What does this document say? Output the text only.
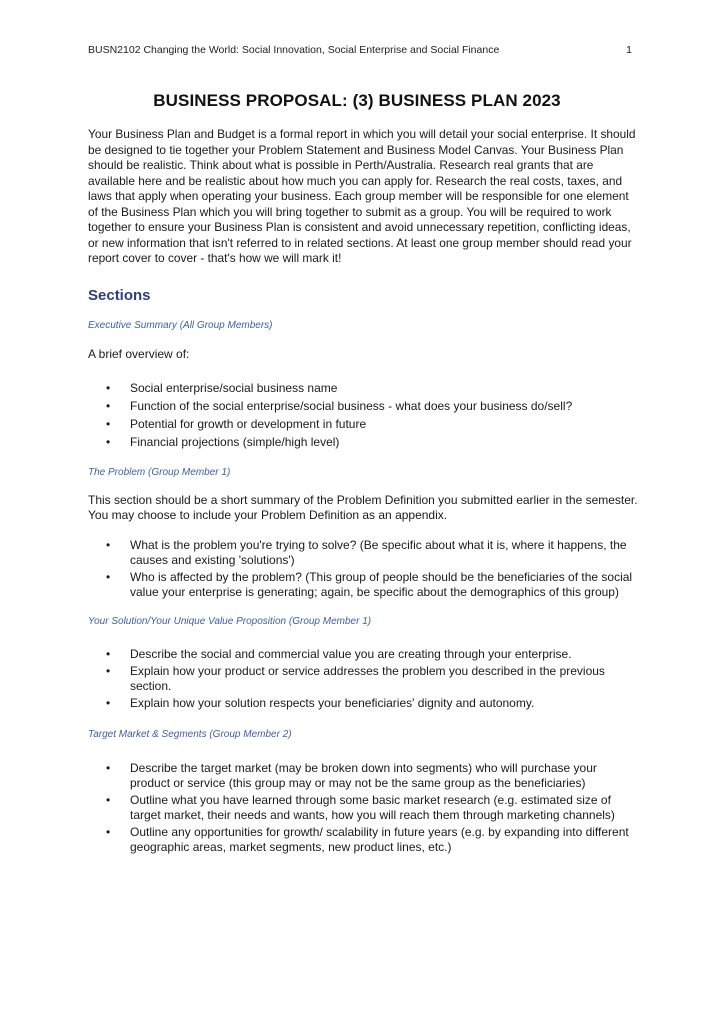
BUSN2102 Changing the World: Social Innovation, Social Enterprise and Social Finance	1
BUSINESS PROPOSAL: (3) BUSINESS PLAN 2023

Your Business Plan and Budget is a formal report in which you will detail your social enterprise. It should be designed to tie together your Problem Statement and Business Model Canvas. Your Business Plan should be realistic. Think about what is possible in Perth/Australia. Research real grants that are available here and be realistic about how much you can apply for. Research the real costs, taxes, and laws that apply when operating your business. Each group member will be responsible for one element of the Business Plan which you will bring together to submit as a group. You will be required to work together to ensure your Business Plan is consistent and avoid unnecessary repetition, conflicting ideas, or new information that isn't referred to in related sections. At least one group member should read your report cover to cover - that's how we will mark it!

Sections

Executive Summary (All Group Members)

A brief overview of:

• Social enterprise/social business name
• Function of the social enterprise/social business - what does your business do/sell?
• Potential for growth or development in future
• Financial projections (simple/high level)

The Problem (Group Member 1)

This section should be a short summary of the Problem Definition you submitted earlier in the semester. You may choose to include your Problem Definition as an appendix.

• What is the problem you're trying to solve? (Be specific about what it is, where it happens, the causes and existing 'solutions')
• Who is affected by the problem? (This group of people should be the beneficiaries of the social value your enterprise is generating; again, be specific about the demographics of this group)

Your Solution/Your Unique Value Proposition (Group Member 1)

• Describe the social and commercial value you are creating through your enterprise.
• Explain how your product or service addresses the problem you described in the previous section.
• Explain how your solution respects your beneficiaries' dignity and autonomy.

Target Market & Segments (Group Member 2)

• Describe the target market (may be broken down into segments) who will purchase your product or service (this group may or may not be the same group as the beneficiaries)
• Outline what you have learned through some basic market research (e.g. estimated size of target market, their needs and wants, how you will reach them through marketing channels)
• Outline any opportunities for growth/ scalability in future years (e.g. by expanding into different geographic areas, market segments, new product lines, etc.)
